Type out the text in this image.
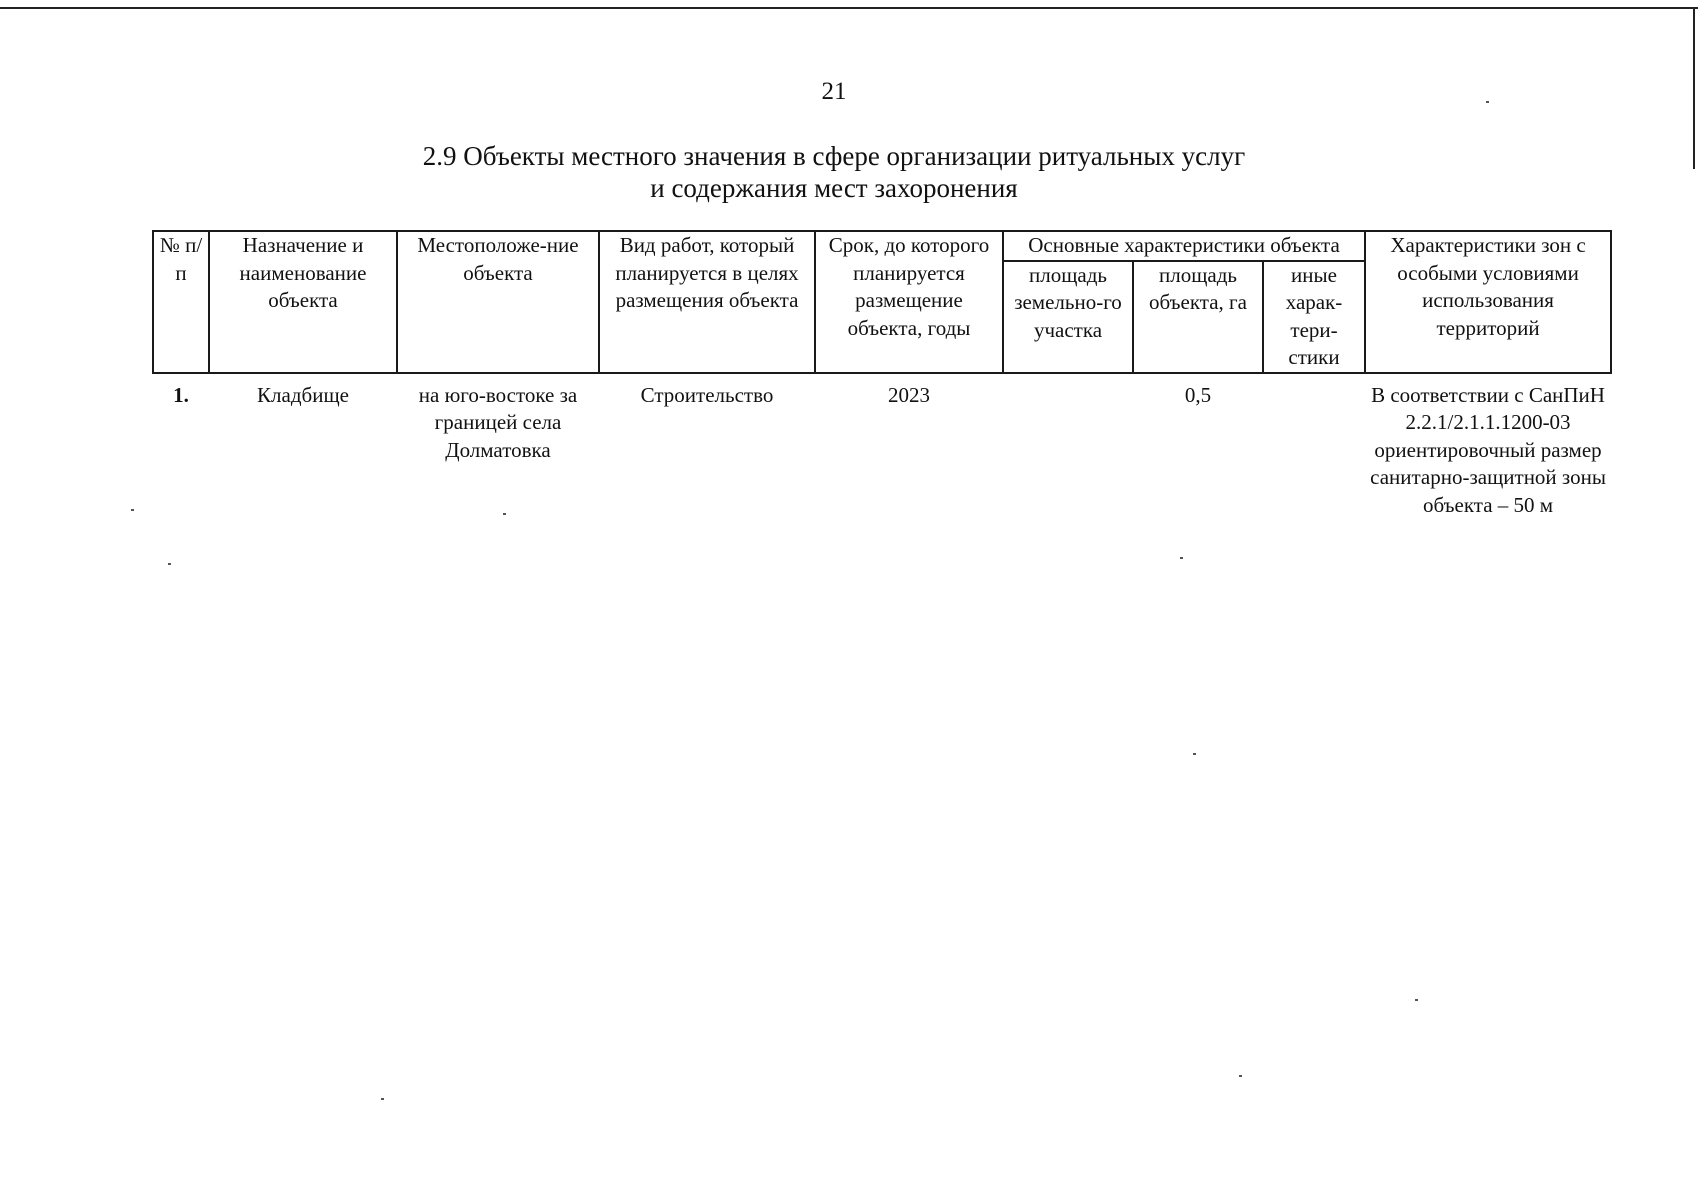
21
2.9 Объекты местного значения в сфере организации ритуальных услуг
и содержания мест захоронения
№ п/п	Назначение и наименование объекта	Местоположе-ние объекта	Вид работ, который планируется в целях размещения объекта	Срок, до которого планируется размещение объекта, годы	Основные характеристики объекта			Характеристики зон с особыми условиями использования территорий
					площадь земельно-го участка	площадь объекта, га	иные харак-тери-стики	
1.	Кладбище	на юго-востоке за границей села Долматовка	Строительство	2023		0,5		В соответствии с СанПиН 2.2.1/2.1.1.1200-03 ориентировочный размер санитарно-защитной зоны объекта – 50 м
